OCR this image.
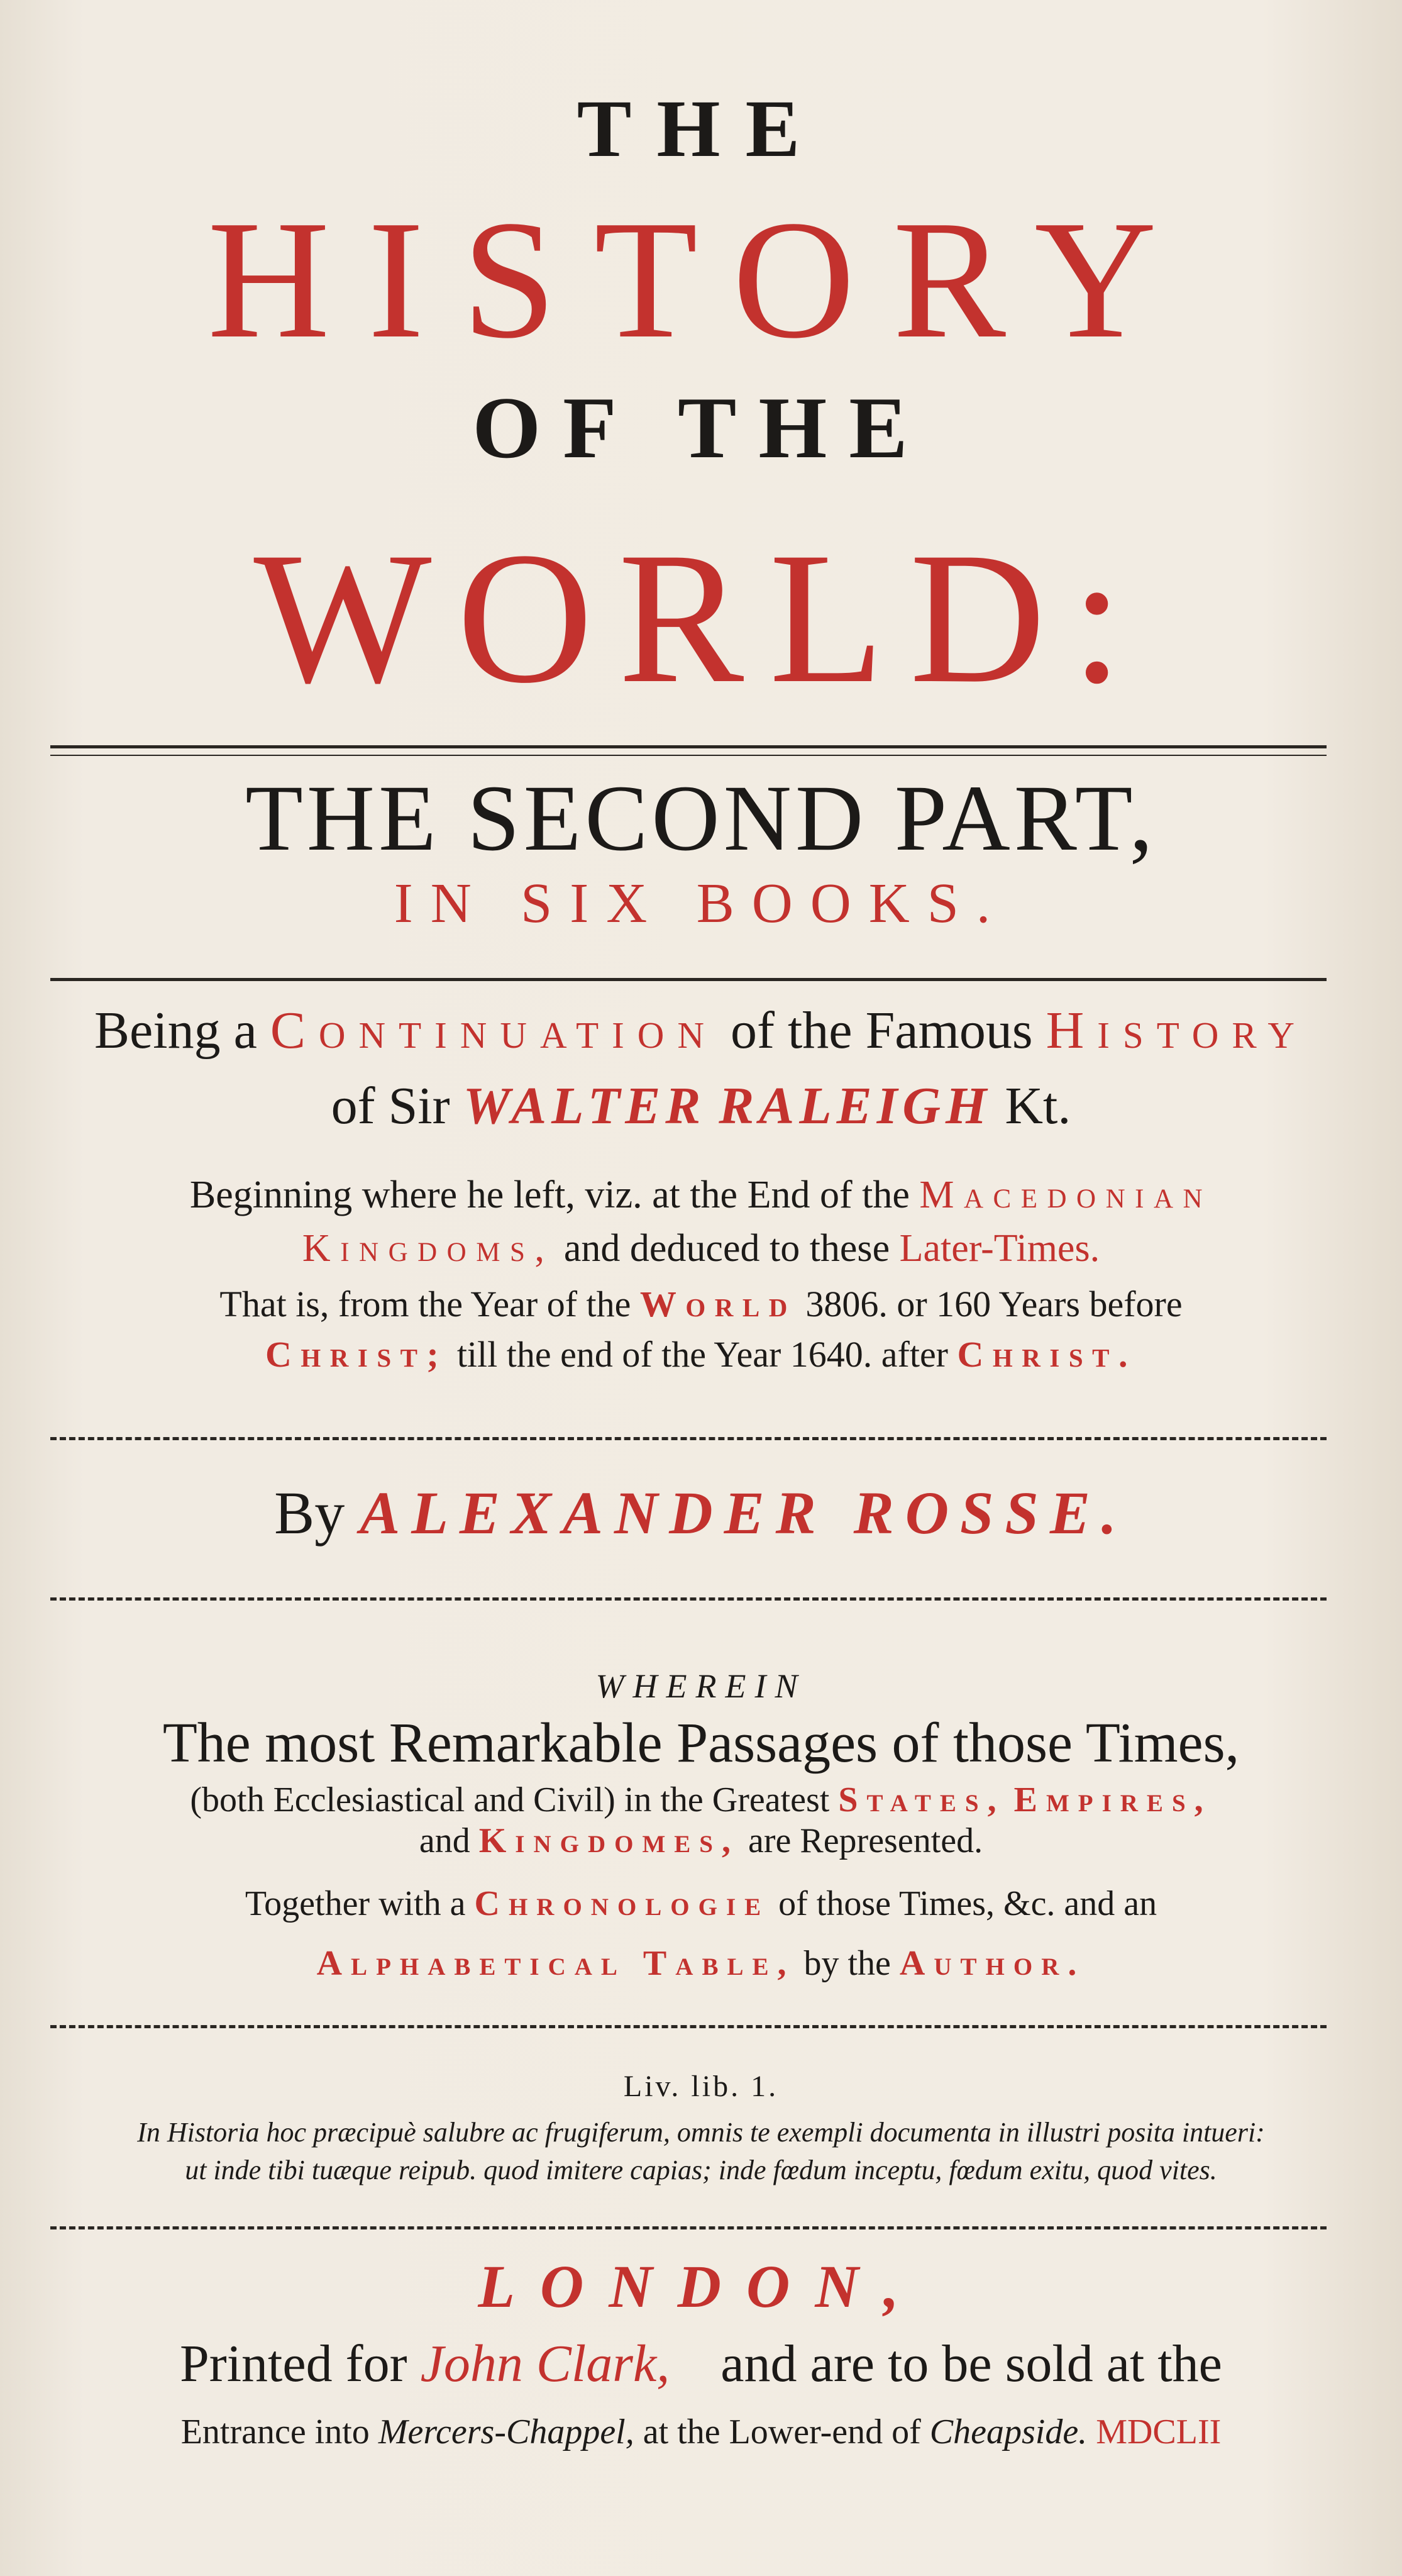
THE
HISTORY
OF THE
WORLD:
THE SECOND PART,
IN SIX BOOKS.
Being a Continuation of the Famous History
of Sir WALTER RALEIGH Kt.
Beginning where he left, viz. at the End of the Macedonian
Kingdoms, and deduced to these Later-Times.
That is, from the Year of the World 3806. or 160 Years before
Christ; till the end of the Year 1640. after Christ.
By ALEXANDER ROSSE.
WHEREIN
The most Remarkable Passages of those Times,
(both Ecclesiastical and Civil) in the Greatest States, Empires,
and Kingdomes, are Represented.
Together with a Chronologie of those Times, &c. and an
Alphabetical Table, by the Author.
Liv. lib. 1.
In Historia hoc præcipuè salubre ac frugiferum, omnis te exempli documenta in illustri posita intueri:
ut inde tibi tuæque reipub. quod imitere capias; inde fœdum inceptu, fœdum exitu, quod vites.
LONDON,
Printed for John Clark, and are to be sold at the
Entrance into Mercers-Chappel, at the Lower-end of Cheapside. MDCLII
